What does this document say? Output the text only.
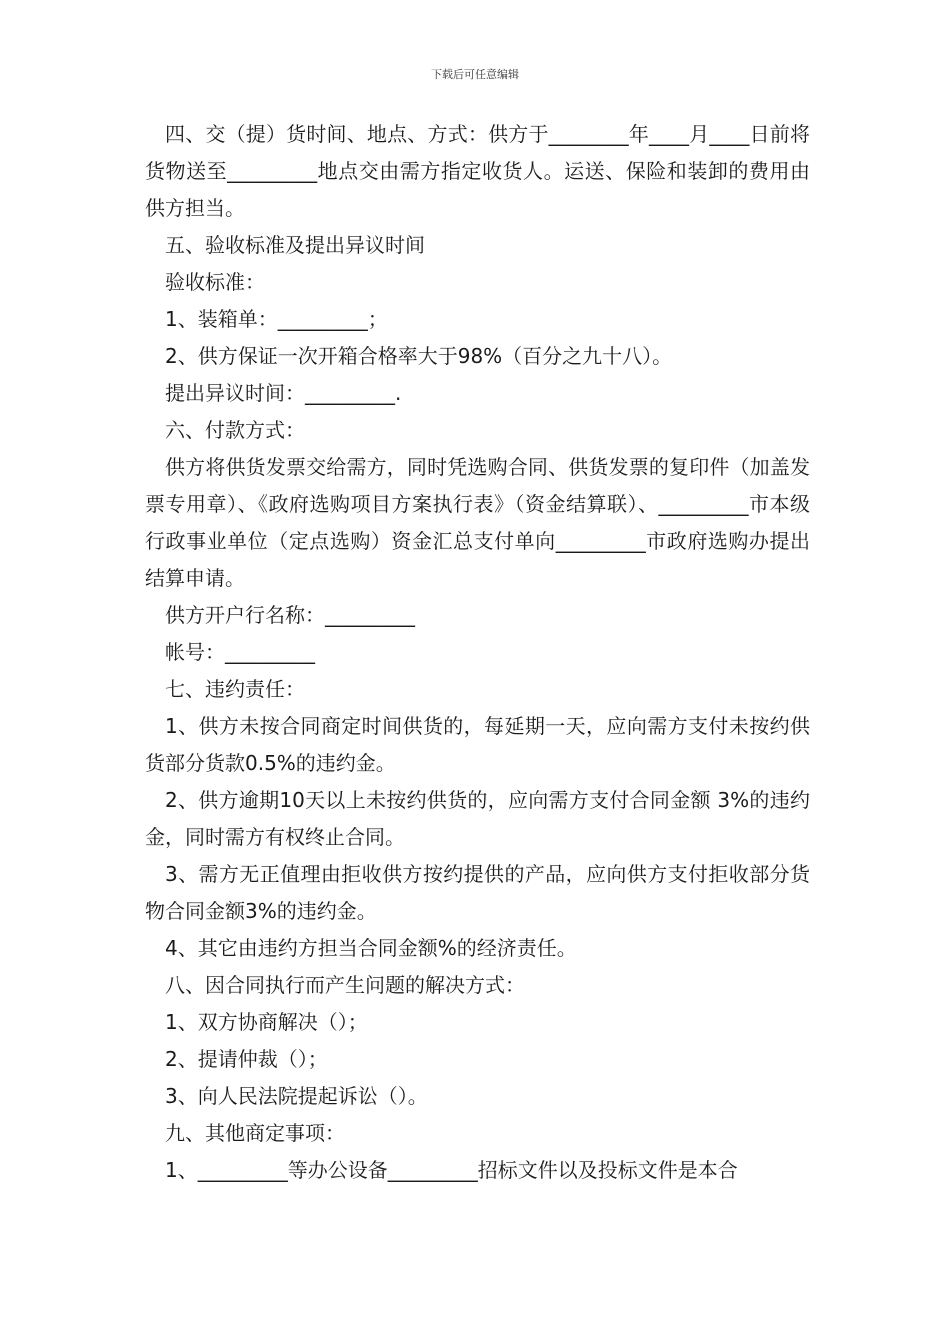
下载后可任意编辑

四、交（提）货时间、地点、方式：供方于________年____月____日前将货物送至_________地点交由需方指定收货人。运送、保险和装卸的费用由供方担当。

五、验收标准及提出异议时间

验收标准：

1、装箱单：_________；

2、供方保证一次开箱合格率大于98%（百分之九十八）。

提出异议时间：_________.

六、付款方式：

供方将供货发票交给需方，同时凭选购合同、供货发票的复印件（加盖发票专用章）、《政府选购项目方案执行表》（资金结算联）、_________市本级行政事业单位（定点选购）资金汇总支付单向_________市政府选购办提出结算申请。

供方开户行名称：_________

帐号：_________

七、违约责任：

1、供方未按合同商定时间供货的，每延期一天，应向需方支付未按约供货部分货款0.5%的违约金。

2、供方逾期10天以上未按约供货的，应向需方支付合同金额 3%的违约金，同时需方有权终止合同。

3、需方无正值理由拒收供方按约提供的产品，应向供方支付拒收部分货物合同金额3%的违约金。

4、其它由违约方担当合同金额%的经济责任。

八、因合同执行而产生问题的解决方式：

1、双方协商解决（）；

2、提请仲裁（）；

3、向人民法院提起诉讼（）。

九、其他商定事项：

1、_________等办公设备_________招标文件以及投标文件是本合
